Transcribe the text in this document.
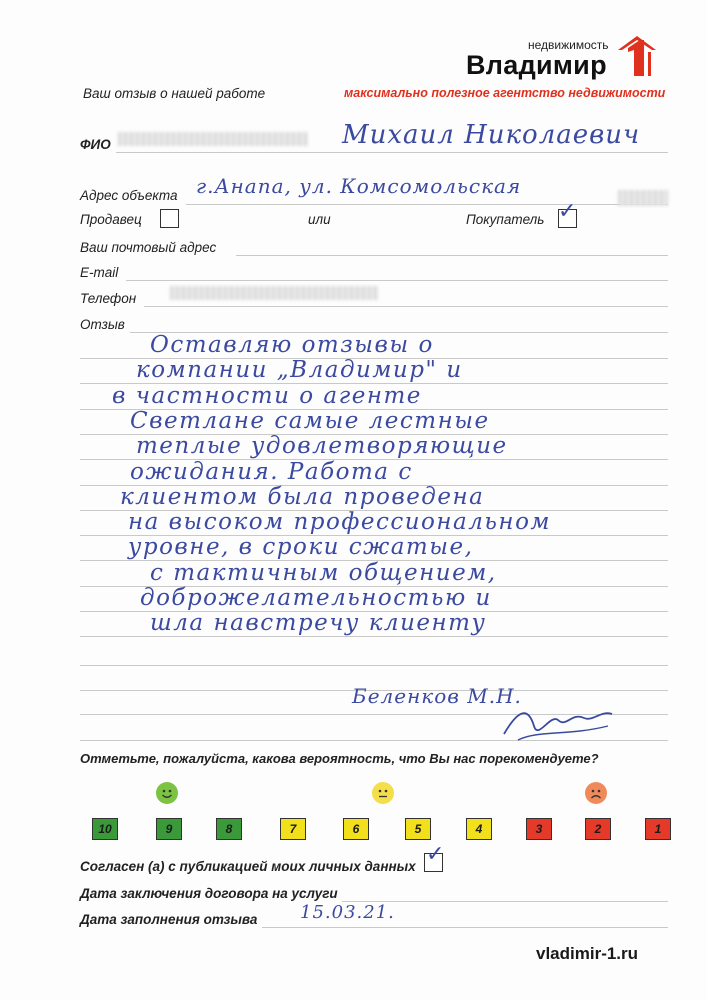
недвижимость
Владимир
максимально полезное агентство недвижимости
Ваш отзыв о нашей работе
ФИО	Михаил Николаевич
Адрес объекта г.Анапа, ул. Комсомольская
Продавец	или	Покупатель ✓
Ваш почтовый адрес
E-mail
Телефон
Отзыв
Оставляю отзывы о
компании „Владимир" и
в частности о агенте
Светлане самые лестные
теплые удовлетворяющие
ожидания. Работа с
клиентом была проведена
на высоком профессиональном
уровне, в сроки сжатые,
с тактичным общением,
доброжелательностью и
шла навстречу клиенту
Беленков М.Н.
Отметьте, пожалуйста, какова вероятность, что Вы нас порекомендуете?
10	9	8	7	6	5	4	3	2	1
Согласен (а) с публикацией моих личных данных ✓
Дата заключения договора на услуги
Дата заполнения отзыва 15.03.21.
vladimir-1.ru
